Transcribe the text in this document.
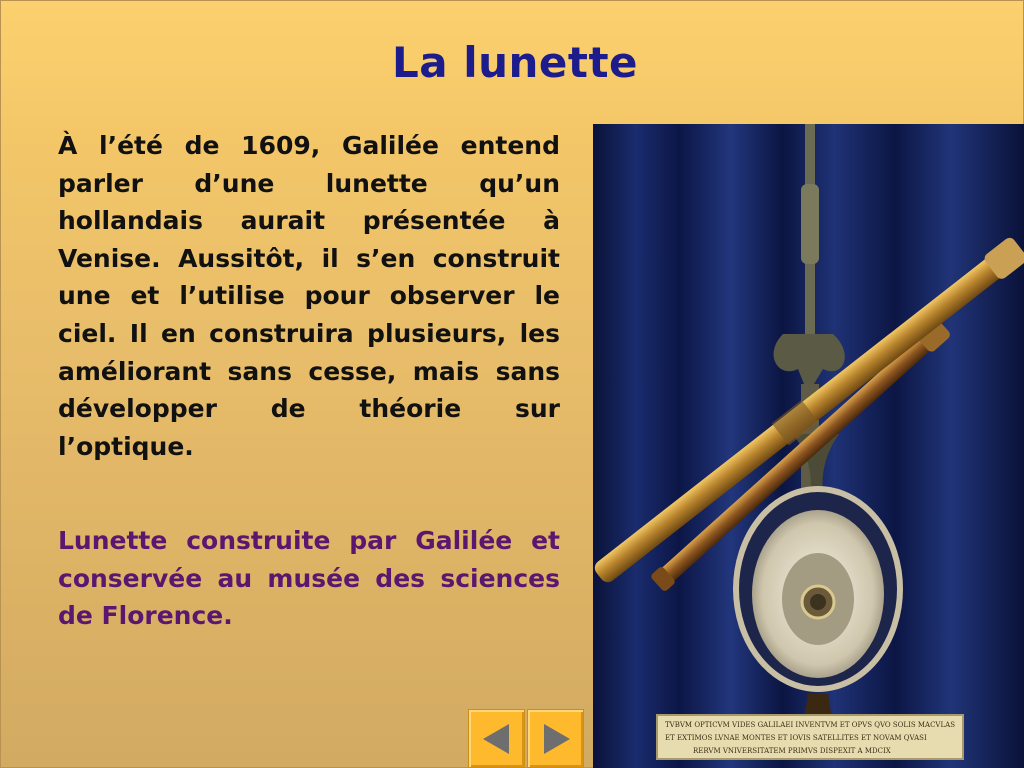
La lunette
À l’été de 1609, Galilée entend parler d’une lunette qu’un hollandais aurait présentée à Venise. Aussitôt, il s’en construit une et l’utilise pour observer le ciel. Il en construira plusieurs, les améliorant sans cesse, mais sans développer de théorie sur l’optique.
Lunette construite par Galilée et conservée au musée des sciences de Florence.
TVBVM OPTICVM VIDES GALILAEI INVENTVM ET OPVS QVO SOLIS MACVLAS
ET EXTIMOS LVNAE MONTES ET IOVIS SATELLITES ET NOVAM QVASI
RERVM VNIVERSITATEM PRIMVS DISPEXIT A MDCIX
